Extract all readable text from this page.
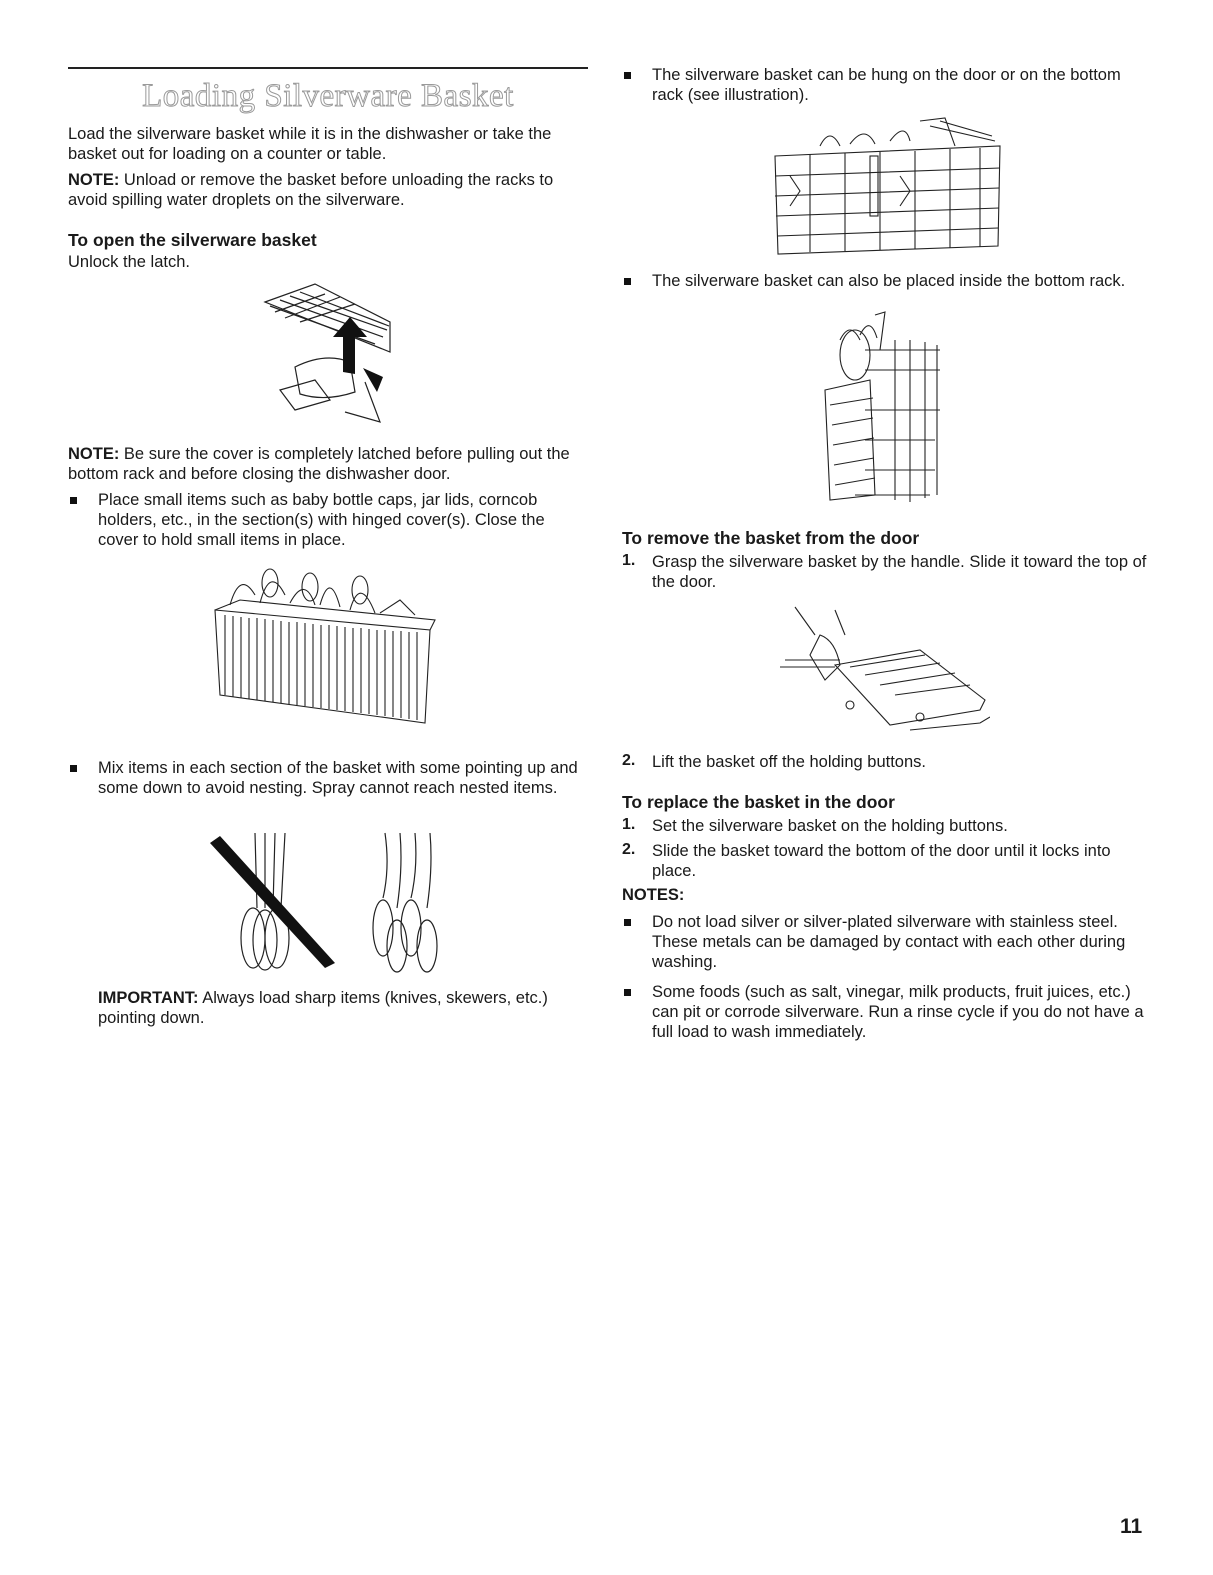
Loading Silverware Basket

Load the silverware basket while it is in the dishwasher or take the basket out for loading on a counter or table.

NOTE: Unload or remove the basket before unloading the racks to avoid spilling water droplets on the silverware.

To open the silverware basket

Unlock the latch.

NOTE: Be sure the cover is completely latched before pulling out the bottom rack and before closing the dishwasher door.

Place small items such as baby bottle caps, jar lids, corncob holders, etc., in the section(s) with hinged cover(s). Close the cover to hold small items in place.

Mix items in each section of the basket with some pointing up and some down to avoid nesting. Spray cannot reach nested items.

IMPORTANT: Always load sharp items (knives, skewers, etc.) pointing down.

The silverware basket can be hung on the door or on the bottom rack (see illustration).

The silverware basket can also be placed inside the bottom rack.

To remove the basket from the door

1. Grasp the silverware basket by the handle. Slide it toward the top of the door.

2. Lift the basket off the holding buttons.

To replace the basket in the door

1. Set the silverware basket on the holding buttons.

2. Slide the basket toward the bottom of the door until it locks into place.

NOTES:

Do not load silver or silver-plated silverware with stainless steel. These metals can be damaged by contact with each other during washing.

Some foods (such as salt, vinegar, milk products, fruit juices, etc.) can pit or corrode silverware. Run a rinse cycle if you do not have a full load to wash immediately.

11
